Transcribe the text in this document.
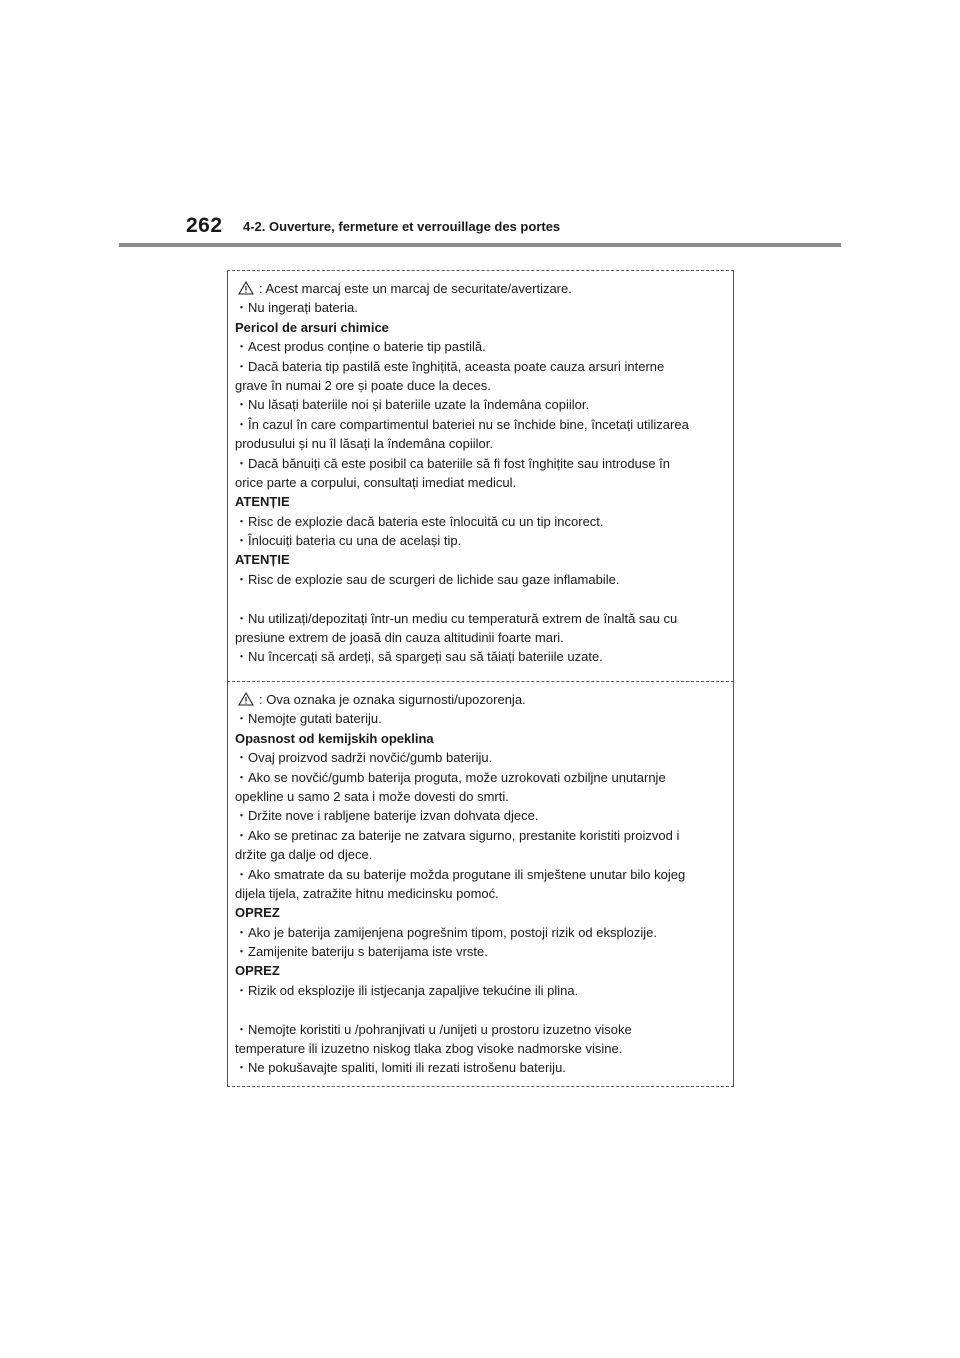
262 4-2. Ouverture, fermeture et verrouillage des portes
: Acest marcaj este un marcaj de securitate/avertizare.
・Nu ingerați bateria.
Pericol de arsuri chimice
・Acest produs conține o baterie tip pastilă.
・Dacă bateria tip pastilă este înghițită, aceasta poate cauza arsuri interne
grave în numai 2 ore și poate duce la deces.
・Nu lăsați bateriile noi și bateriile uzate la îndemâna copiilor.
・În cazul în care compartimentul bateriei nu se închide bine, încetați utilizarea
produsului și nu îl lăsați la îndemâna copiilor.
・Dacă bănuiți că este posibil ca bateriile să fi fost înghițite sau introduse în
orice parte a corpului, consultați imediat medicul.
ATENȚIE
・Risc de explozie dacă bateria este înlocuită cu un tip incorect.
・Înlocuiți bateria cu una de același tip.
ATENȚIE
・Risc de explozie sau de scurgeri de lichide sau gaze inflamabile.
・Nu utilizați/depozitați într-un mediu cu temperatură extrem de înaltă sau cu
presiune extrem de joasă din cauza altitudinii foarte mari.
・Nu încercați să ardeți, să spargeți sau să tăiați bateriile uzate.
: Ova oznaka je oznaka sigurnosti/upozorenja.
・Nemojte gutati bateriju.
Opasnost od kemijskih opeklina
・Ovaj proizvod sadrži novčić/gumb bateriju.
・Ako se novčić/gumb baterija proguta, može uzrokovati ozbiljne unutarnje
opekline u samo 2 sata i može dovesti do smrti.
・Držite nove i rabljene baterije izvan dohvata djece.
・Ako se pretinac za baterije ne zatvara sigurno, prestanite koristiti proizvod i
držite ga dalje od djece.
・Ako smatrate da su baterije možda progutane ili smještene unutar bilo kojeg
dijela tijela, zatražite hitnu medicinsku pomoć.
OPREZ
・Ako je baterija zamijenjena pogrešnim tipom, postoji rizik od eksplozije.
・Zamijenite bateriju s baterijama iste vrste.
OPREZ
・Rizik od eksplozije ili istjecanja zapaljive tekućine ili plina.
・Nemojte koristiti u /pohranjivati u /unijeti u prostoru izuzetno visoke
temperature ili izuzetno niskog tlaka zbog visoke nadmorske visine.
・Ne pokušavajte spaliti, lomiti ili rezati istrošenu bateriju.
